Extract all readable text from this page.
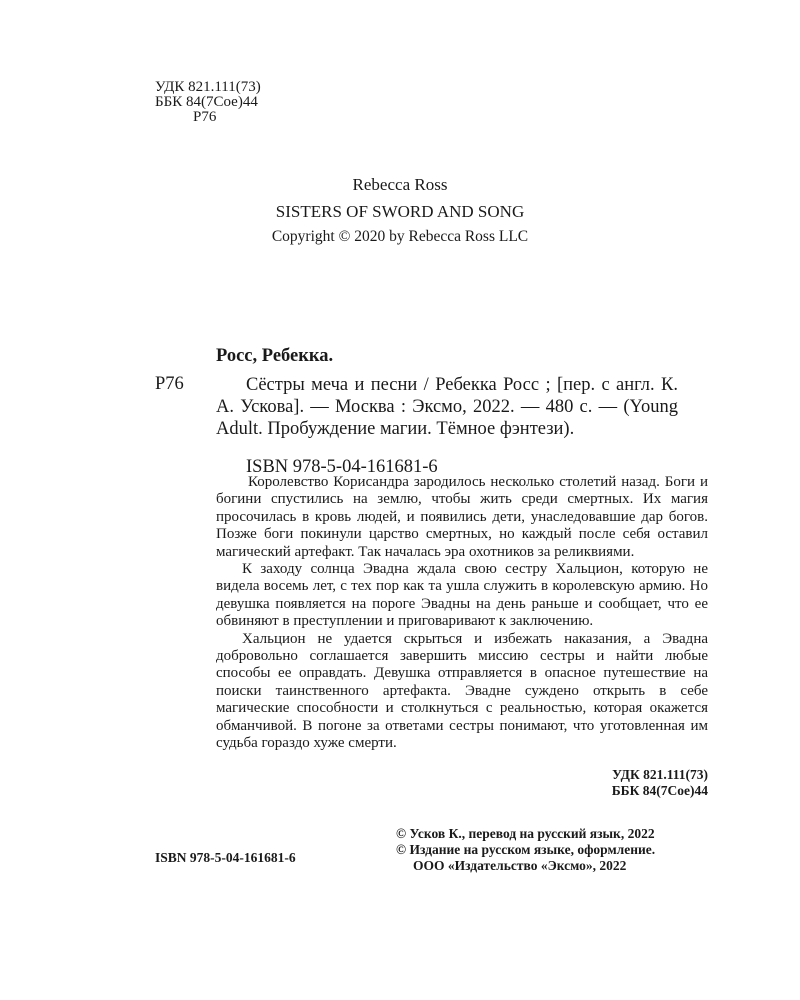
УДК 821.111(73)
ББК 84(7Сое)44
Р76
Rebecca Ross
SISTERS OF SWORD AND SONG
Copyright © 2020 by Rebecca Ross LLC
Росс, Ребекка.
Р76	Сёстры меча и песни / Ребекка Росс ; [пер. с англ. К. А. Ускова]. — Москва : Эксмо, 2022. — 480 с. — (Young Adult. Пробуждение магии. Тёмное фэнтези).

ISBN 978-5-04-161681-6

Королевство Корисандра зародилось несколько столетий назад. Боги и богини спустились на землю, чтобы жить среди смертных. Их магия просочилась в кровь людей, и появились дети, унаследовавшие дар богов. Позже боги покинули царство смертных, но каждый после себя оставил магический артефакт. Так началась эра охотников за реликвиями.

К заходу солнца Эвадна ждала свою сестру Хальцион, которую не видела восемь лет, с тех пор как та ушла служить в королевскую армию. Но девушка появляется на пороге Эвадны на день раньше и сообщает, что ее обвиняют в преступлении и приговаривают к заключению.

Хальцион не удается скрыться и избежать наказания, а Эвадна добровольно соглашается завершить миссию сестры и найти любые способы ее оправдать. Девушка отправляется в опасное путешествие на поиски таинственного артефакта. Эвадне суждено открыть в себе магические способности и столкнуться с реальностью, которая окажется обманчивой. В погоне за ответами сестры понимают, что уготовленная им судьба гораздо хуже смерти.

УДК 821.111(73)
ББК 84(7Сое)44
© Усков К., перевод на русский язык, 2022
© Издание на русском языке, оформление.
ООО «Издательство «Эксмо», 2022
ISBN 978-5-04-161681-6
